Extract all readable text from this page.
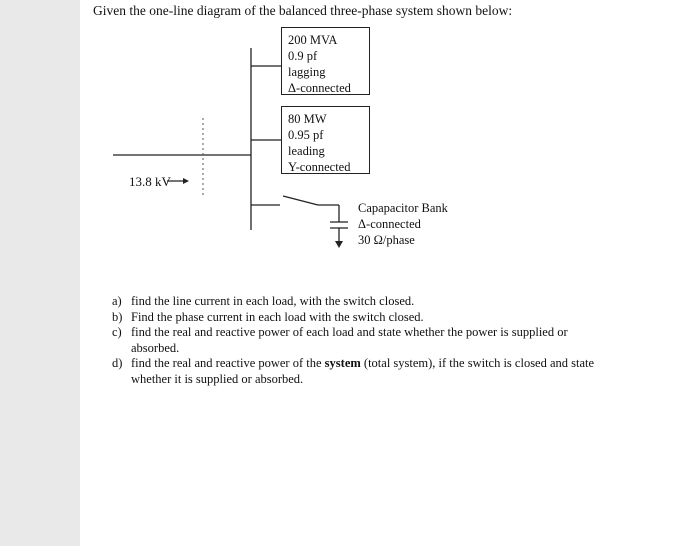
Given the one-line diagram of the balanced three-phase system shown below:
13.8 kV
200 MVA
0.9 pf
lagging
Δ-connected
80 MW
0.95 pf
leading
Y-connected
Capapacitor Bank
Δ-connected
30 Ω/phase
a) find the line current in each load, with the switch closed.
b) Find the phase current in each load with the switch closed.
c) find the real and reactive power of each load and state whether the power is supplied or absorbed.
d) find the real and reactive power of the system (total system), if the switch is closed and state whether it is supplied or absorbed.
